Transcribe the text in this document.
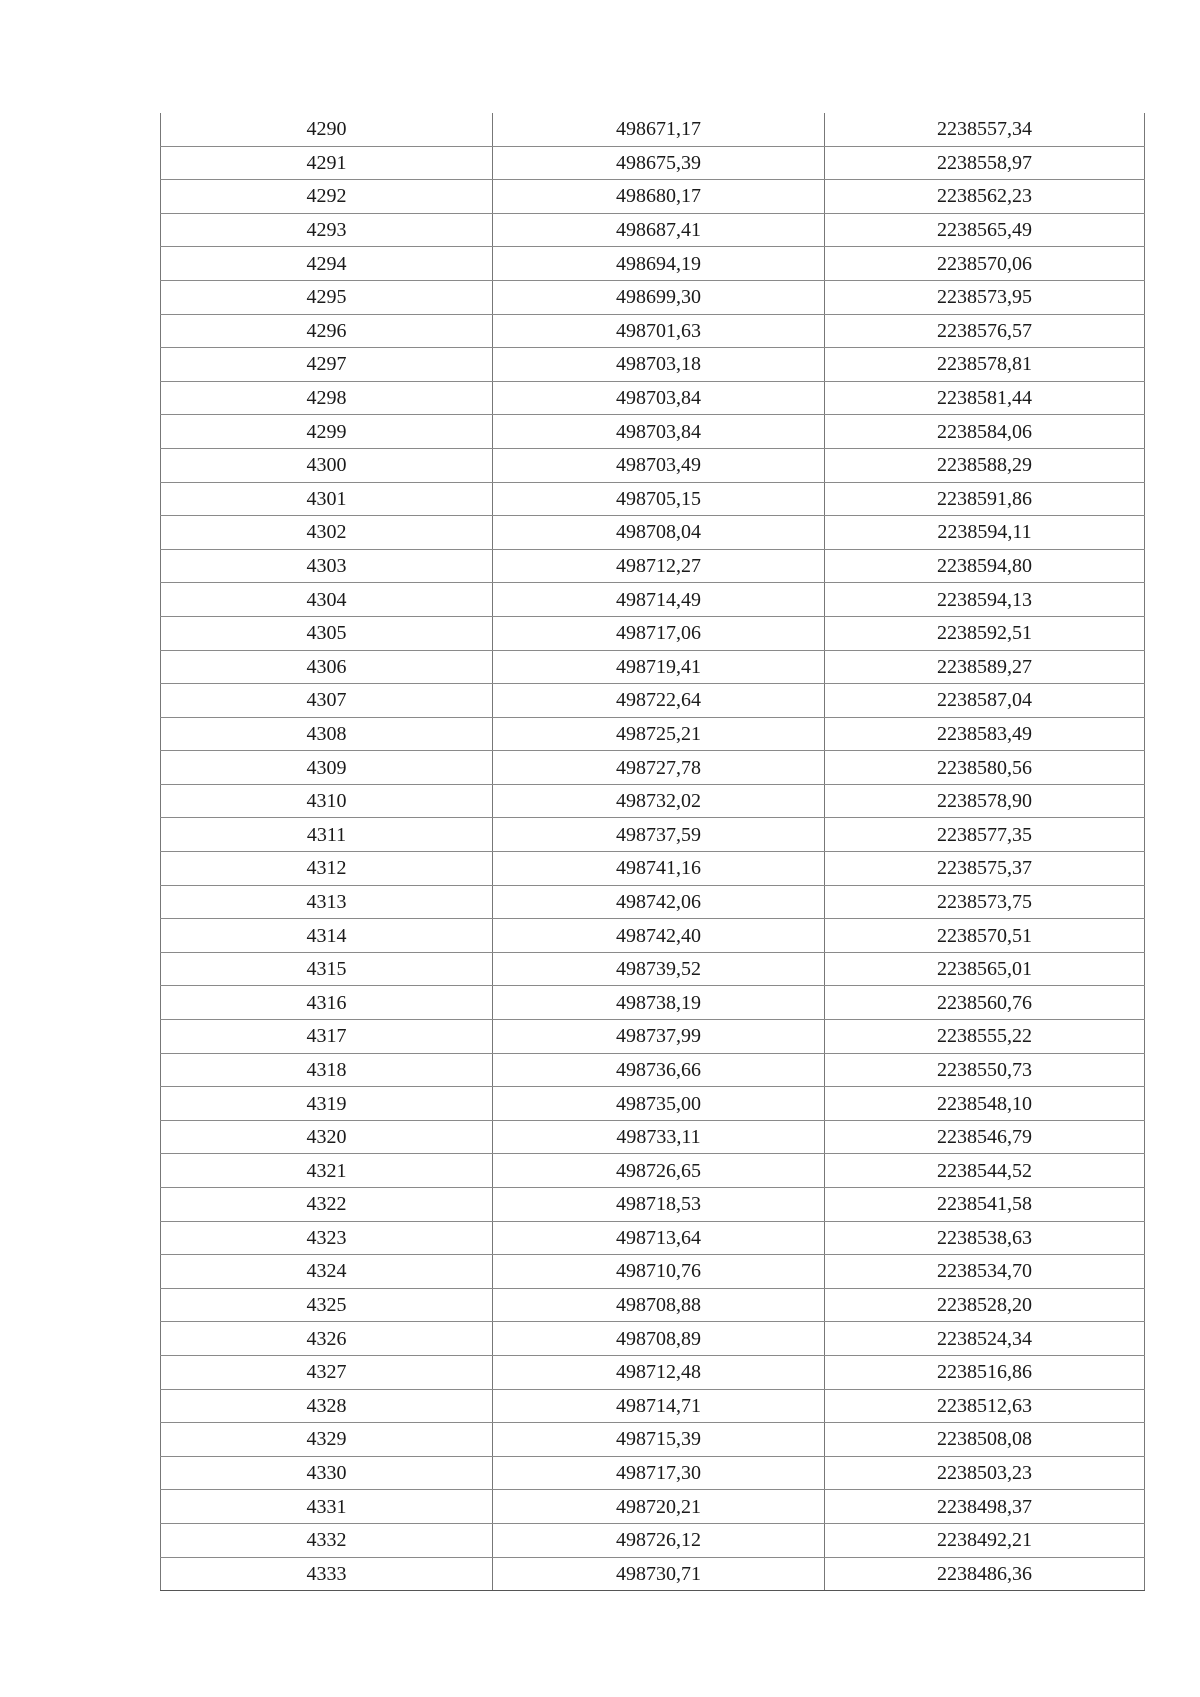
4290	498671,17	2238557,34
4291	498675,39	2238558,97
4292	498680,17	2238562,23
4293	498687,41	2238565,49
4294	498694,19	2238570,06
4295	498699,30	2238573,95
4296	498701,63	2238576,57
4297	498703,18	2238578,81
4298	498703,84	2238581,44
4299	498703,84	2238584,06
4300	498703,49	2238588,29
4301	498705,15	2238591,86
4302	498708,04	2238594,11
4303	498712,27	2238594,80
4304	498714,49	2238594,13
4305	498717,06	2238592,51
4306	498719,41	2238589,27
4307	498722,64	2238587,04
4308	498725,21	2238583,49
4309	498727,78	2238580,56
4310	498732,02	2238578,90
4311	498737,59	2238577,35
4312	498741,16	2238575,37
4313	498742,06	2238573,75
4314	498742,40	2238570,51
4315	498739,52	2238565,01
4316	498738,19	2238560,76
4317	498737,99	2238555,22
4318	498736,66	2238550,73
4319	498735,00	2238548,10
4320	498733,11	2238546,79
4321	498726,65	2238544,52
4322	498718,53	2238541,58
4323	498713,64	2238538,63
4324	498710,76	2238534,70
4325	498708,88	2238528,20
4326	498708,89	2238524,34
4327	498712,48	2238516,86
4328	498714,71	2238512,63
4329	498715,39	2238508,08
4330	498717,30	2238503,23
4331	498720,21	2238498,37
4332	498726,12	2238492,21
4333	498730,71	2238486,36
